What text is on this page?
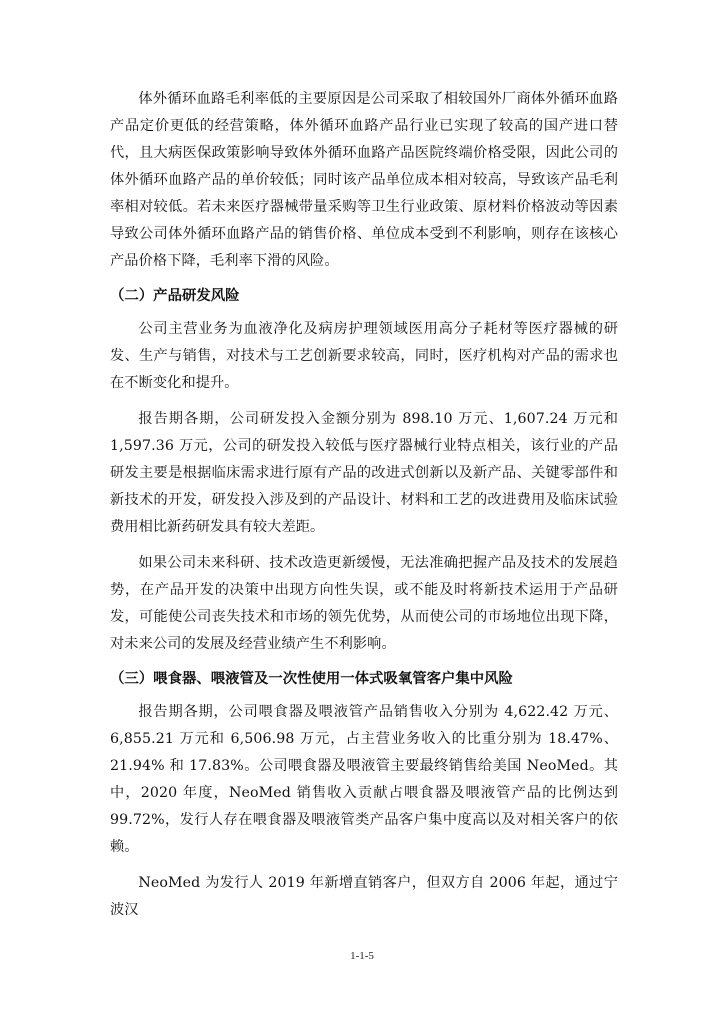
体外循环血路毛利率低的主要原因是公司采取了相较国外厂商体外循环血路产品定价更低的经营策略，体外循环血路产品行业已实现了较高的国产进口替代，且大病医保政策影响导致体外循环血路产品医院终端价格受限，因此公司的体外循环血路产品的单价较低；同时该产品单位成本相对较高，导致该产品毛利率相对较低。若未来医疗器械带量采购等卫生行业政策、原材料价格波动等因素导致公司体外循环血路产品的销售价格、单位成本受到不利影响，则存在该核心产品价格下降，毛利率下滑的风险。

（二）产品研发风险

公司主营业务为血液净化及病房护理领域医用高分子耗材等医疗器械的研发、生产与销售，对技术与工艺创新要求较高，同时，医疗机构对产品的需求也在不断变化和提升。

报告期各期，公司研发投入金额分别为 898.10 万元、1,607.24 万元和 1,597.36 万元，公司的研发投入较低与医疗器械行业特点相关，该行业的产品研发主要是根据临床需求进行原有产品的改进式创新以及新产品、关键零部件和新技术的开发，研发投入涉及到的产品设计、材料和工艺的改进费用及临床试验费用相比新药研发具有较大差距。

如果公司未来科研、技术改造更新缓慢，无法准确把握产品及技术的发展趋势，在产品开发的决策中出现方向性失误，或不能及时将新技术运用于产品研发，可能使公司丧失技术和市场的领先优势，从而使公司的市场地位出现下降，对未来公司的发展及经营业绩产生不利影响。

（三）喂食器、喂液管及一次性使用一体式吸氧管客户集中风险

报告期各期，公司喂食器及喂液管产品销售收入分别为 4,622.42 万元、6,855.21 万元和 6,506.98 万元，占主营业务收入的比重分别为 18.47%、21.94% 和 17.83%。公司喂食器及喂液管主要最终销售给美国 NeoMed。其中，2020 年度，NeoMed 销售收入贡献占喂食器及喂液管产品的比例达到 99.72%，发行人存在喂食器及喂液管类产品客户集中度高以及对相关客户的依赖。

NeoMed 为发行人 2019 年新增直销客户，但双方自 2006 年起，通过宁波汉

1-1-5
